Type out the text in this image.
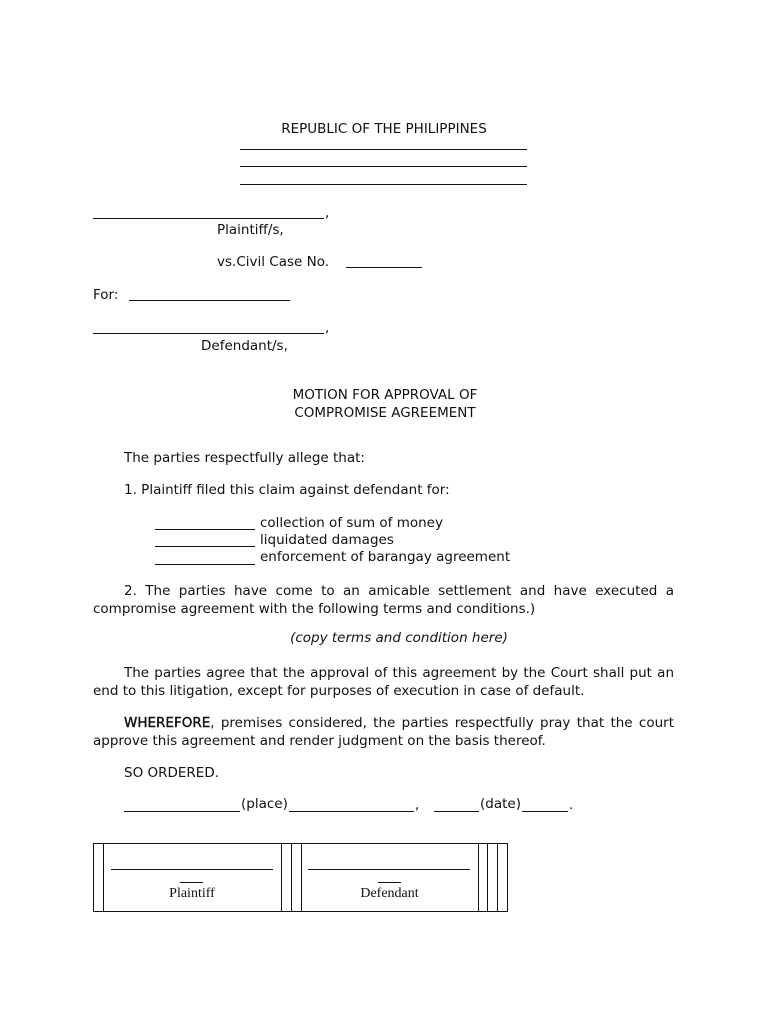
REPUBLIC OF THE PHILIPPINES
,
Plaintiff/s,
vs.Civil Case No.
For:
,
Defendant/s,
MOTION FOR APPROVAL OF
COMPROMISE AGREEMENT
The parties respectfully allege that:
1. Plaintiff filed this claim against defendant for:
collection of sum of money
liquidated damages
enforcement of barangay agreement
2. The parties have come to an amicable settlement and have executed a compromise agreement with the following terms and conditions.)
(copy terms and condition here)
The parties agree that the approval of this agreement by the Court shall put an end to this litigation, except for purposes of execution in case of default.
WHEREFORE, premises considered, the parties respectfully pray that the court approve this agreement and render judgment on the basis thereof.
SO ORDERED.
(place)	,	(date)	.
Plaintiff	Defendant
